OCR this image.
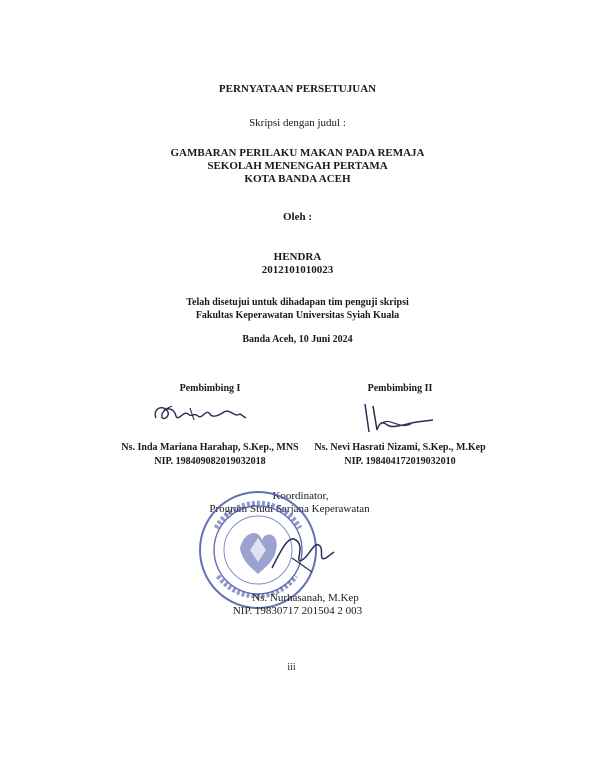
PERNYATAAN PERSETUJUAN
Skripsi dengan judul :
GAMBARAN PERILAKU MAKAN PADA REMAJA
SEKOLAH MENENGAH PERTAMA
KOTA BANDA ACEH
Oleh :
HENDRA
2012101010023
Telah disetujui untuk dihadapan tim penguji skripsi
Fakultas Keperawatan Universitas Syiah Kuala
Banda Aceh, 10 Juni 2024
Pembimbing I
Ns. Inda Mariana Harahap, S.Kep., MNS
NIP. 198409082019032018
Pembimbing II
Ns. Nevi Hasrati Nizami, S.Kep., M.Kep
NIP. 198404172019032010
Koordinator,
Program Studi Sarjana Keperawatan
Ns. Nurhasanah, M.Kep
NIP. 19830717 201504 2 003
iii
